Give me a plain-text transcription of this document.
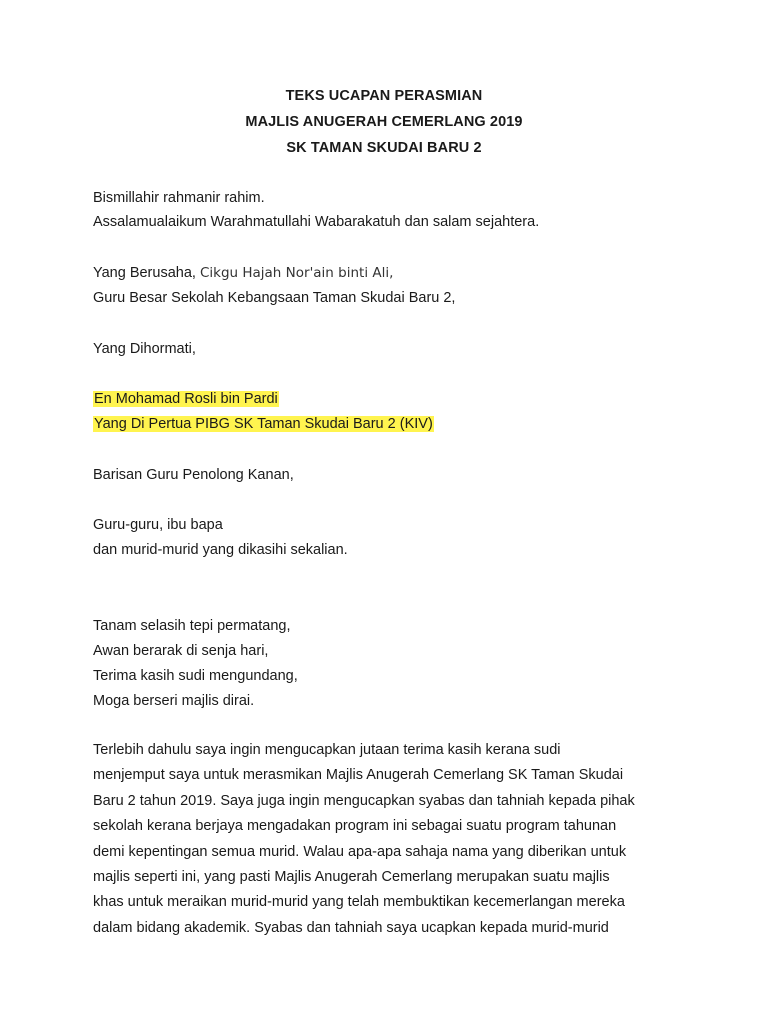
TEKS UCAPAN PERASMIAN
MAJLIS ANUGERAH CEMERLANG 2019
SK TAMAN SKUDAI BARU 2
Bismillahir rahmanir rahim.
Assalamualaikum Warahmatullahi Wabarakatuh dan salam sejahtera.
Yang Berusaha, Cikgu Hajah Nor'ain binti Ali,
Guru Besar Sekolah Kebangsaan Taman Skudai Baru 2,
Yang Dihormati,
En Mohamad Rosli bin Pardi
Yang Di Pertua PIBG SK Taman Skudai Baru 2 (KIV)
Barisan Guru Penolong Kanan,
Guru-guru, ibu bapa
dan murid-murid yang dikasihi sekalian.
Tanam selasih tepi permatang,
Awan berarak di senja hari,
Terima kasih sudi mengundang,
Moga berseri majlis dirai.
Terlebih dahulu saya ingin mengucapkan jutaan terima kasih kerana sudi
menjemput saya untuk merasmikan Majlis Anugerah Cemerlang SK Taman Skudai
Baru 2 tahun 2019. Saya juga ingin mengucapkan syabas dan tahniah kepada pihak
sekolah kerana berjaya mengadakan program ini sebagai suatu program tahunan
demi kepentingan semua murid. Walau apa-apa sahaja nama yang diberikan untuk
majlis seperti ini, yang pasti Majlis Anugerah Cemerlang merupakan suatu majlis
khas untuk meraikan murid-murid yang telah membuktikan kecemerlangan mereka
dalam bidang akademik. Syabas dan tahniah saya ucapkan kepada murid-murid
